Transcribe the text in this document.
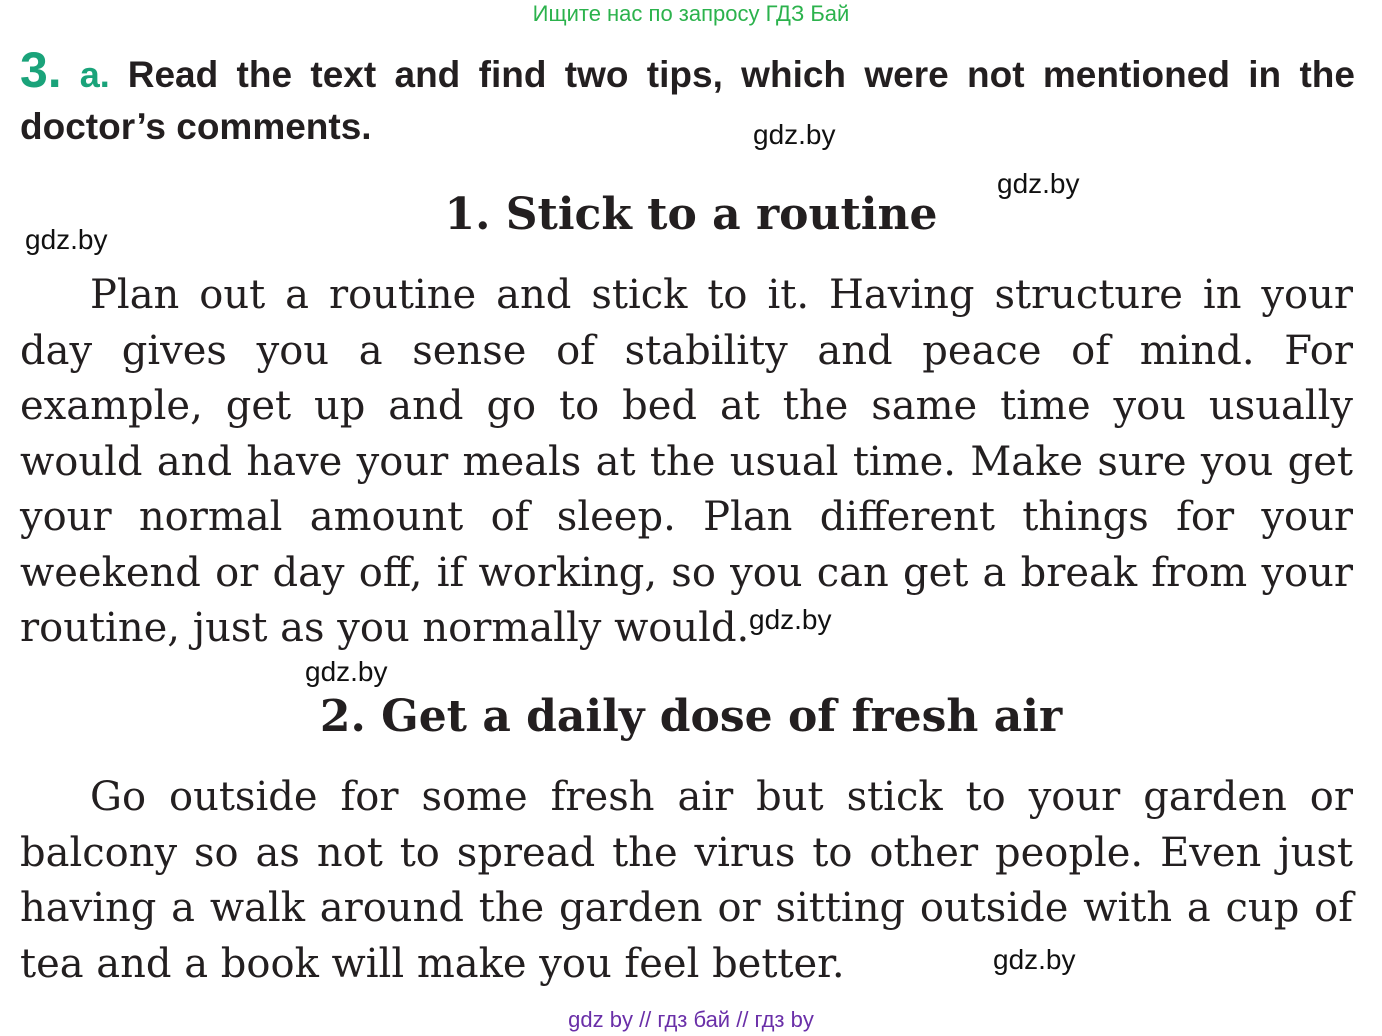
Ищите нас по запросу ГДЗ Бай
3. a. Read the text and find two tips, which were not mentioned in the doctor’s comments.	gdz.by
gdz.by
gdz.by	1. Stick to a routine

Plan out a routine and stick to it. Having structure in your day gives you a sense of stability and peace of mind. For example, get up and go to bed at the same time you usually would and have your meals at the usual time. Make sure you get your normal amount of sleep. Plan different things for your weekend or day off, if working, so you can get a break from your routine, just as you normally would. gdz.by
gdz.by
2. Get a daily dose of fresh air

Go outside for some fresh air but stick to your garden or balcony so as not to spread the virus to other people. Even just having a walk around the garden or sitting outside with a cup of tea and a book will make you feel better.	gdz.by
gdz by // гдз бай // гдз by
